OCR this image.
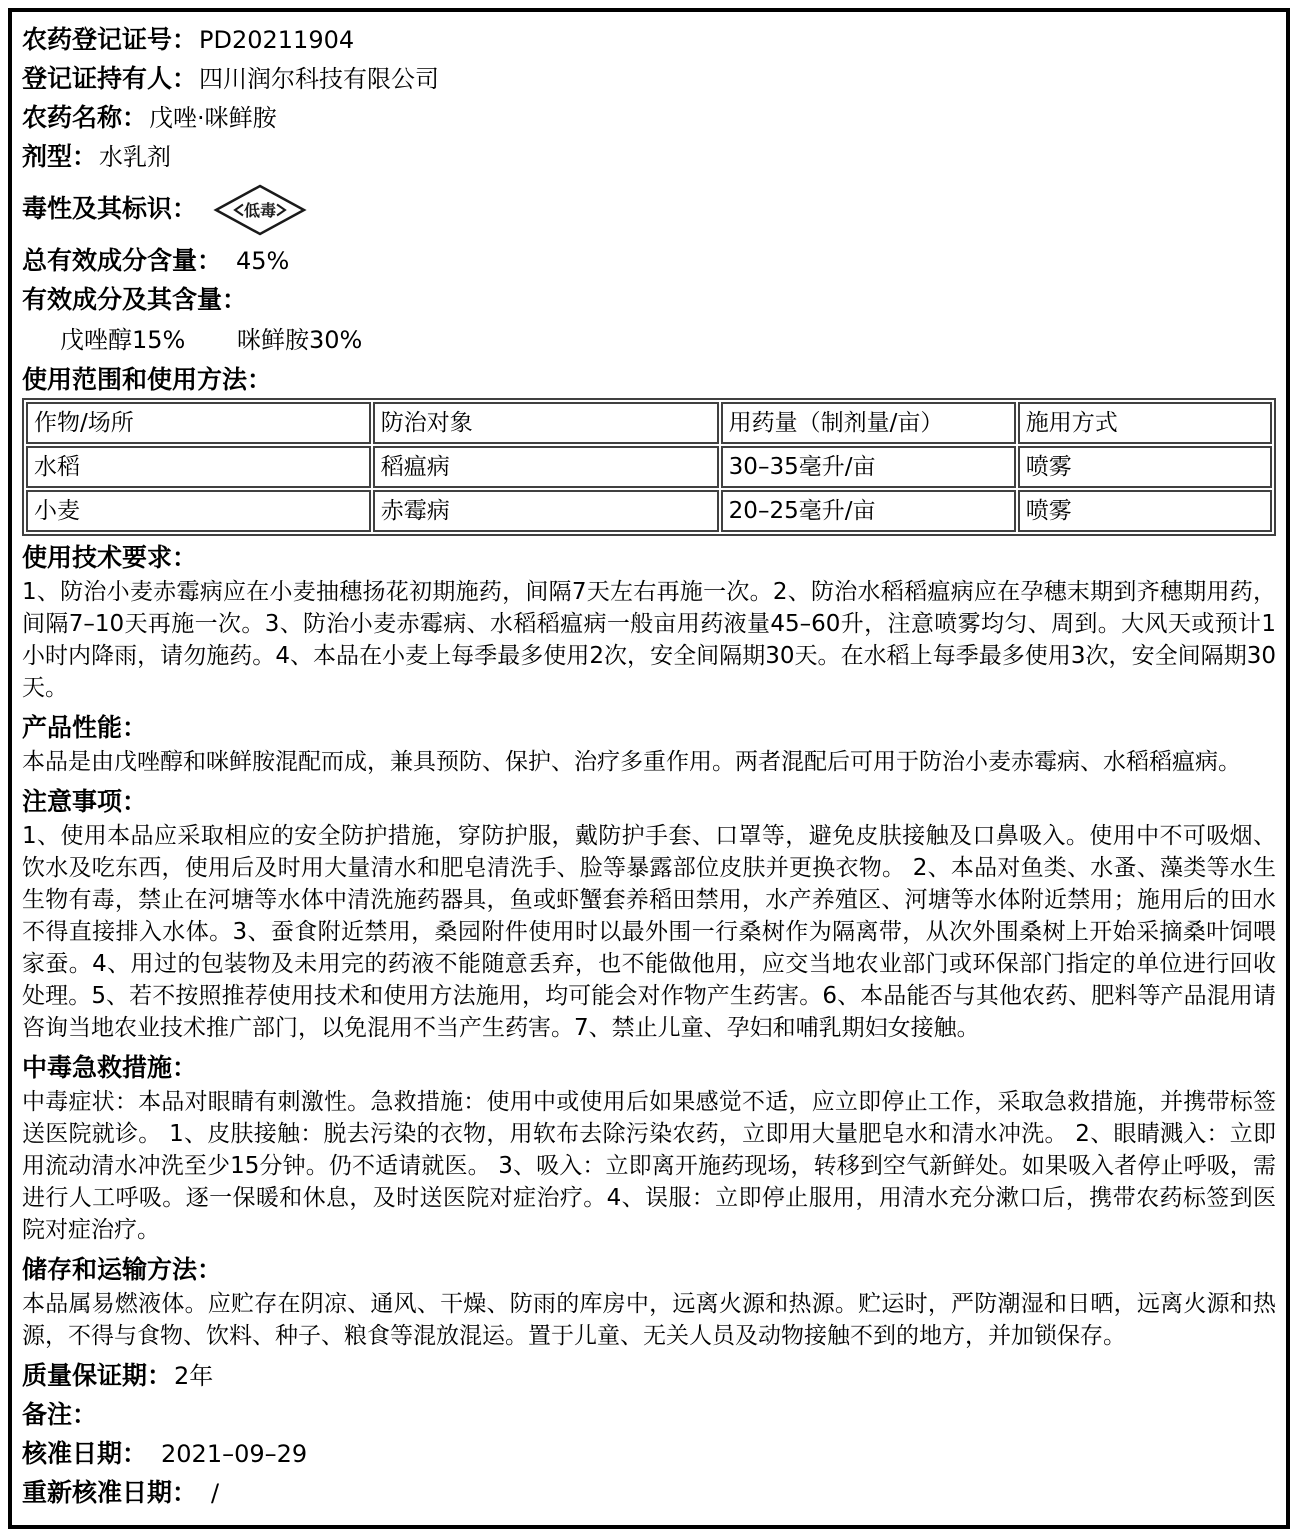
农药登记证号： PD20211904
登记证持有人： 四川润尔科技有限公司
农药名称： 戊唑·咪鲜胺
剂型： 水乳剂
毒性及其标识：	低毒
总有效成分含量： 45%
有效成分及其含量：
戊唑醇15% 咪鲜胺30%
使用范围和使用方法：
作物/场所	防治对象	用药量（制剂量/亩）	施用方式
水稻	稻瘟病	30–35毫升/亩	喷雾
小麦	赤霉病	20–25毫升/亩	喷雾
使用技术要求：
1、防治小麦赤霉病应在小麦抽穗扬花初期施药，间隔7天左右再施一次。2、防治水稻稻瘟病应在孕穗末期到齐穗期用药，间隔7–10天再施一次。3、防治小麦赤霉病、水稻稻瘟病一般亩用药液量45–60升，注意喷雾均匀、周到。大风天或预计1小时内降雨，请勿施药。4、本品在小麦上每季最多使用2次，安全间隔期30天。在水稻上每季最多使用3次，安全间隔期30天。
产品性能：
本品是由戊唑醇和咪鲜胺混配而成，兼具预防、保护、治疗多重作用。两者混配后可用于防治小麦赤霉病、水稻稻瘟病。
注意事项：
1、使用本品应采取相应的安全防护措施，穿防护服，戴防护手套、口罩等，避免皮肤接触及口鼻吸入。使用中不可吸烟、饮水及吃东西，使用后及时用大量清水和肥皂清洗手、脸等暴露部位皮肤并更换衣物。 2、本品对鱼类、水蚤、藻类等水生生物有毒，禁止在河塘等水体中清洗施药器具，鱼或虾蟹套养稻田禁用，水产养殖区、河塘等水体附近禁用；施用后的田水不得直接排入水体。3、蚕食附近禁用，桑园附件使用时以最外围一行桑树作为隔离带，从次外围桑树上开始采摘桑叶饲喂家蚕。4、用过的包装物及未用完的药液不能随意丢弃，也不能做他用，应交当地农业部门或环保部门指定的单位进行回收处理。5、若不按照推荐使用技术和使用方法施用，均可能会对作物产生药害。6、本品能否与其他农药、肥料等产品混用请咨询当地农业技术推广部门，以免混用不当产生药害。7、禁止儿童、孕妇和哺乳期妇女接触。
中毒急救措施：
中毒症状：本品对眼睛有刺激性。急救措施：使用中或使用后如果感觉不适，应立即停止工作，采取急救措施，并携带标签送医院就诊。 1、皮肤接触：脱去污染的衣物，用软布去除污染农药，立即用大量肥皂水和清水冲洗。 2、眼睛溅入：立即用流动清水冲洗至少15分钟。仍不适请就医。 3、吸入：立即离开施药现场，转移到空气新鲜处。如果吸入者停止呼吸，需进行人工呼吸。逐一保暖和休息，及时送医院对症治疗。4、误服：立即停止服用，用清水充分漱口后，携带农药标签到医院对症治疗。
储存和运输方法：
本品属易燃液体。应贮存在阴凉、通风、干燥、防雨的库房中，远离火源和热源。贮运时，严防潮湿和日晒，远离火源和热源，不得与食物、饮料、种子、粮食等混放混运。置于儿童、无关人员及动物接触不到的地方，并加锁保存。
质量保证期： 2年
备注：
核准日期： 2021–09–29
重新核准日期： /
